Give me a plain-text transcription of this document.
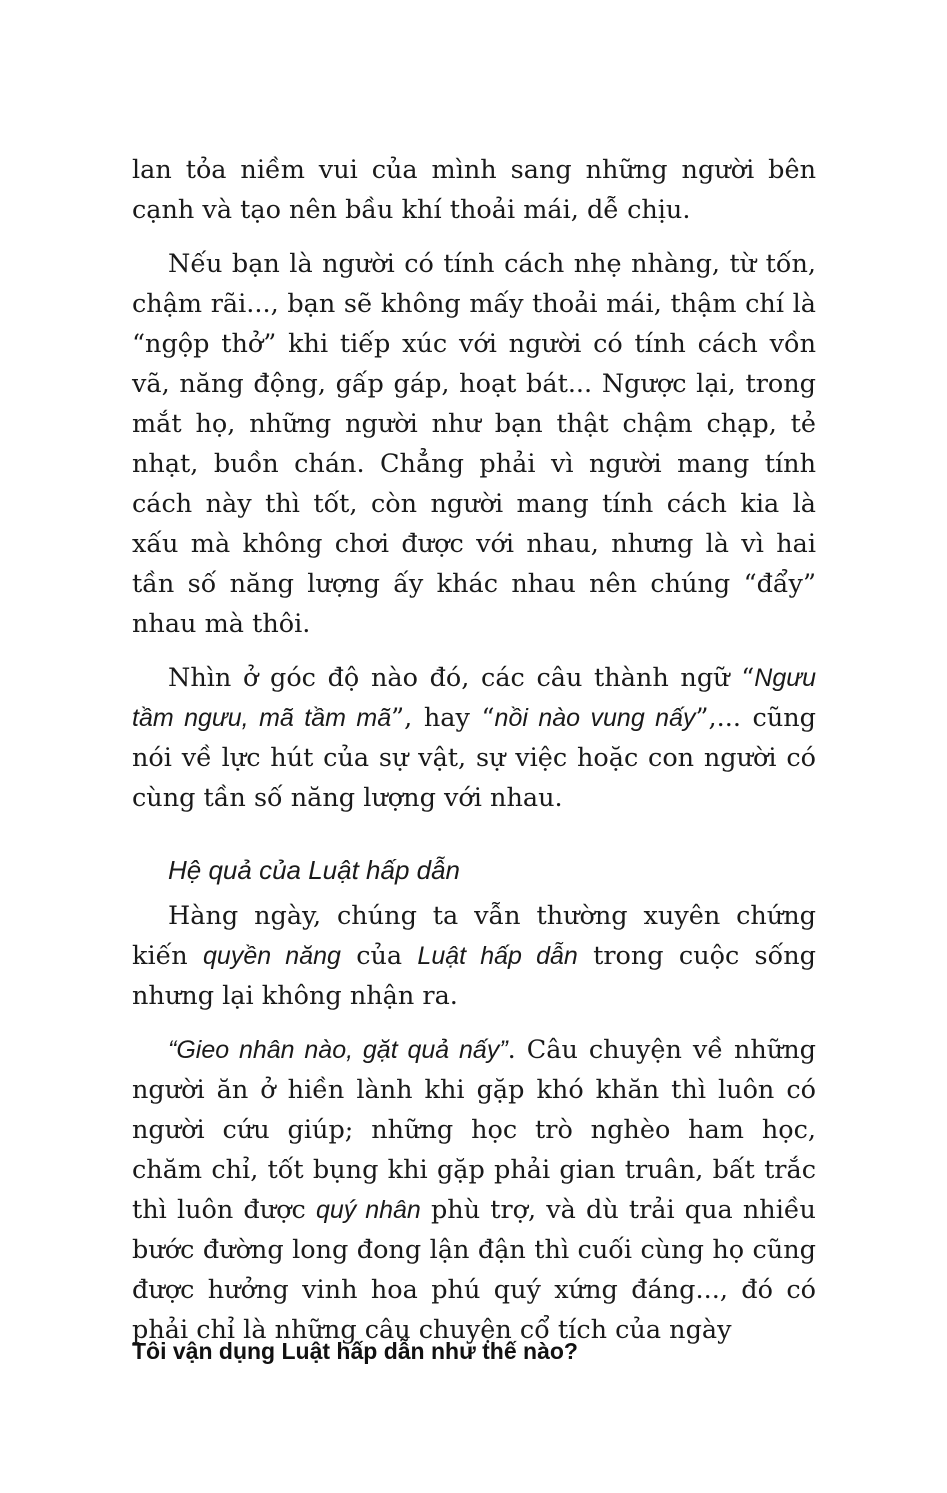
lan tỏa niềm vui của mình sang những người bên cạnh và tạo nên bầu khí thoải mái, dễ chịu.

Nếu bạn là người có tính cách nhẹ nhàng, từ tốn, chậm rãi..., bạn sẽ không mấy thoải mái, thậm chí là “ngộp thở” khi tiếp xúc với người có tính cách vồn vã, năng động, gấp gáp, hoạt bát... Ngược lại, trong mắt họ, những người như bạn thật chậm chạp, tẻ nhạt, buồn chán. Chẳng phải vì người mang tính cách này thì tốt, còn người mang tính cách kia là xấu mà không chơi được với nhau, nhưng là vì hai tần số năng lượng ấy khác nhau nên chúng “đẩy” nhau mà thôi.

Nhìn ở góc độ nào đó, các câu thành ngữ “Ngưu tầm ngưu, mã tầm mã”, hay “nồi nào vung nấy”,... cũng nói về lực hút của sự vật, sự việc hoặc con người có cùng tần số năng lượng với nhau.

Hệ quả của Luật hấp dẫn

Hàng ngày, chúng ta vẫn thường xuyên chứng kiến quyền năng của Luật hấp dẫn trong cuộc sống nhưng lại không nhận ra.

“Gieo nhân nào, gặt quả nấy”. Câu chuyện về những người ăn ở hiền lành khi gặp khó khăn thì luôn có người cứu giúp; những học trò nghèo ham học, chăm chỉ, tốt bụng khi gặp phải gian truân, bất trắc thì luôn được quý nhân phù trợ, và dù trải qua nhiều bước đường long đong lận đận thì cuối cùng họ cũng được hưởng vinh hoa phú quý xứng đáng..., đó có phải chỉ là những câu chuyện cổ tích của ngày

Tôi vận dụng Luật hấp dẫn như thế nào?
